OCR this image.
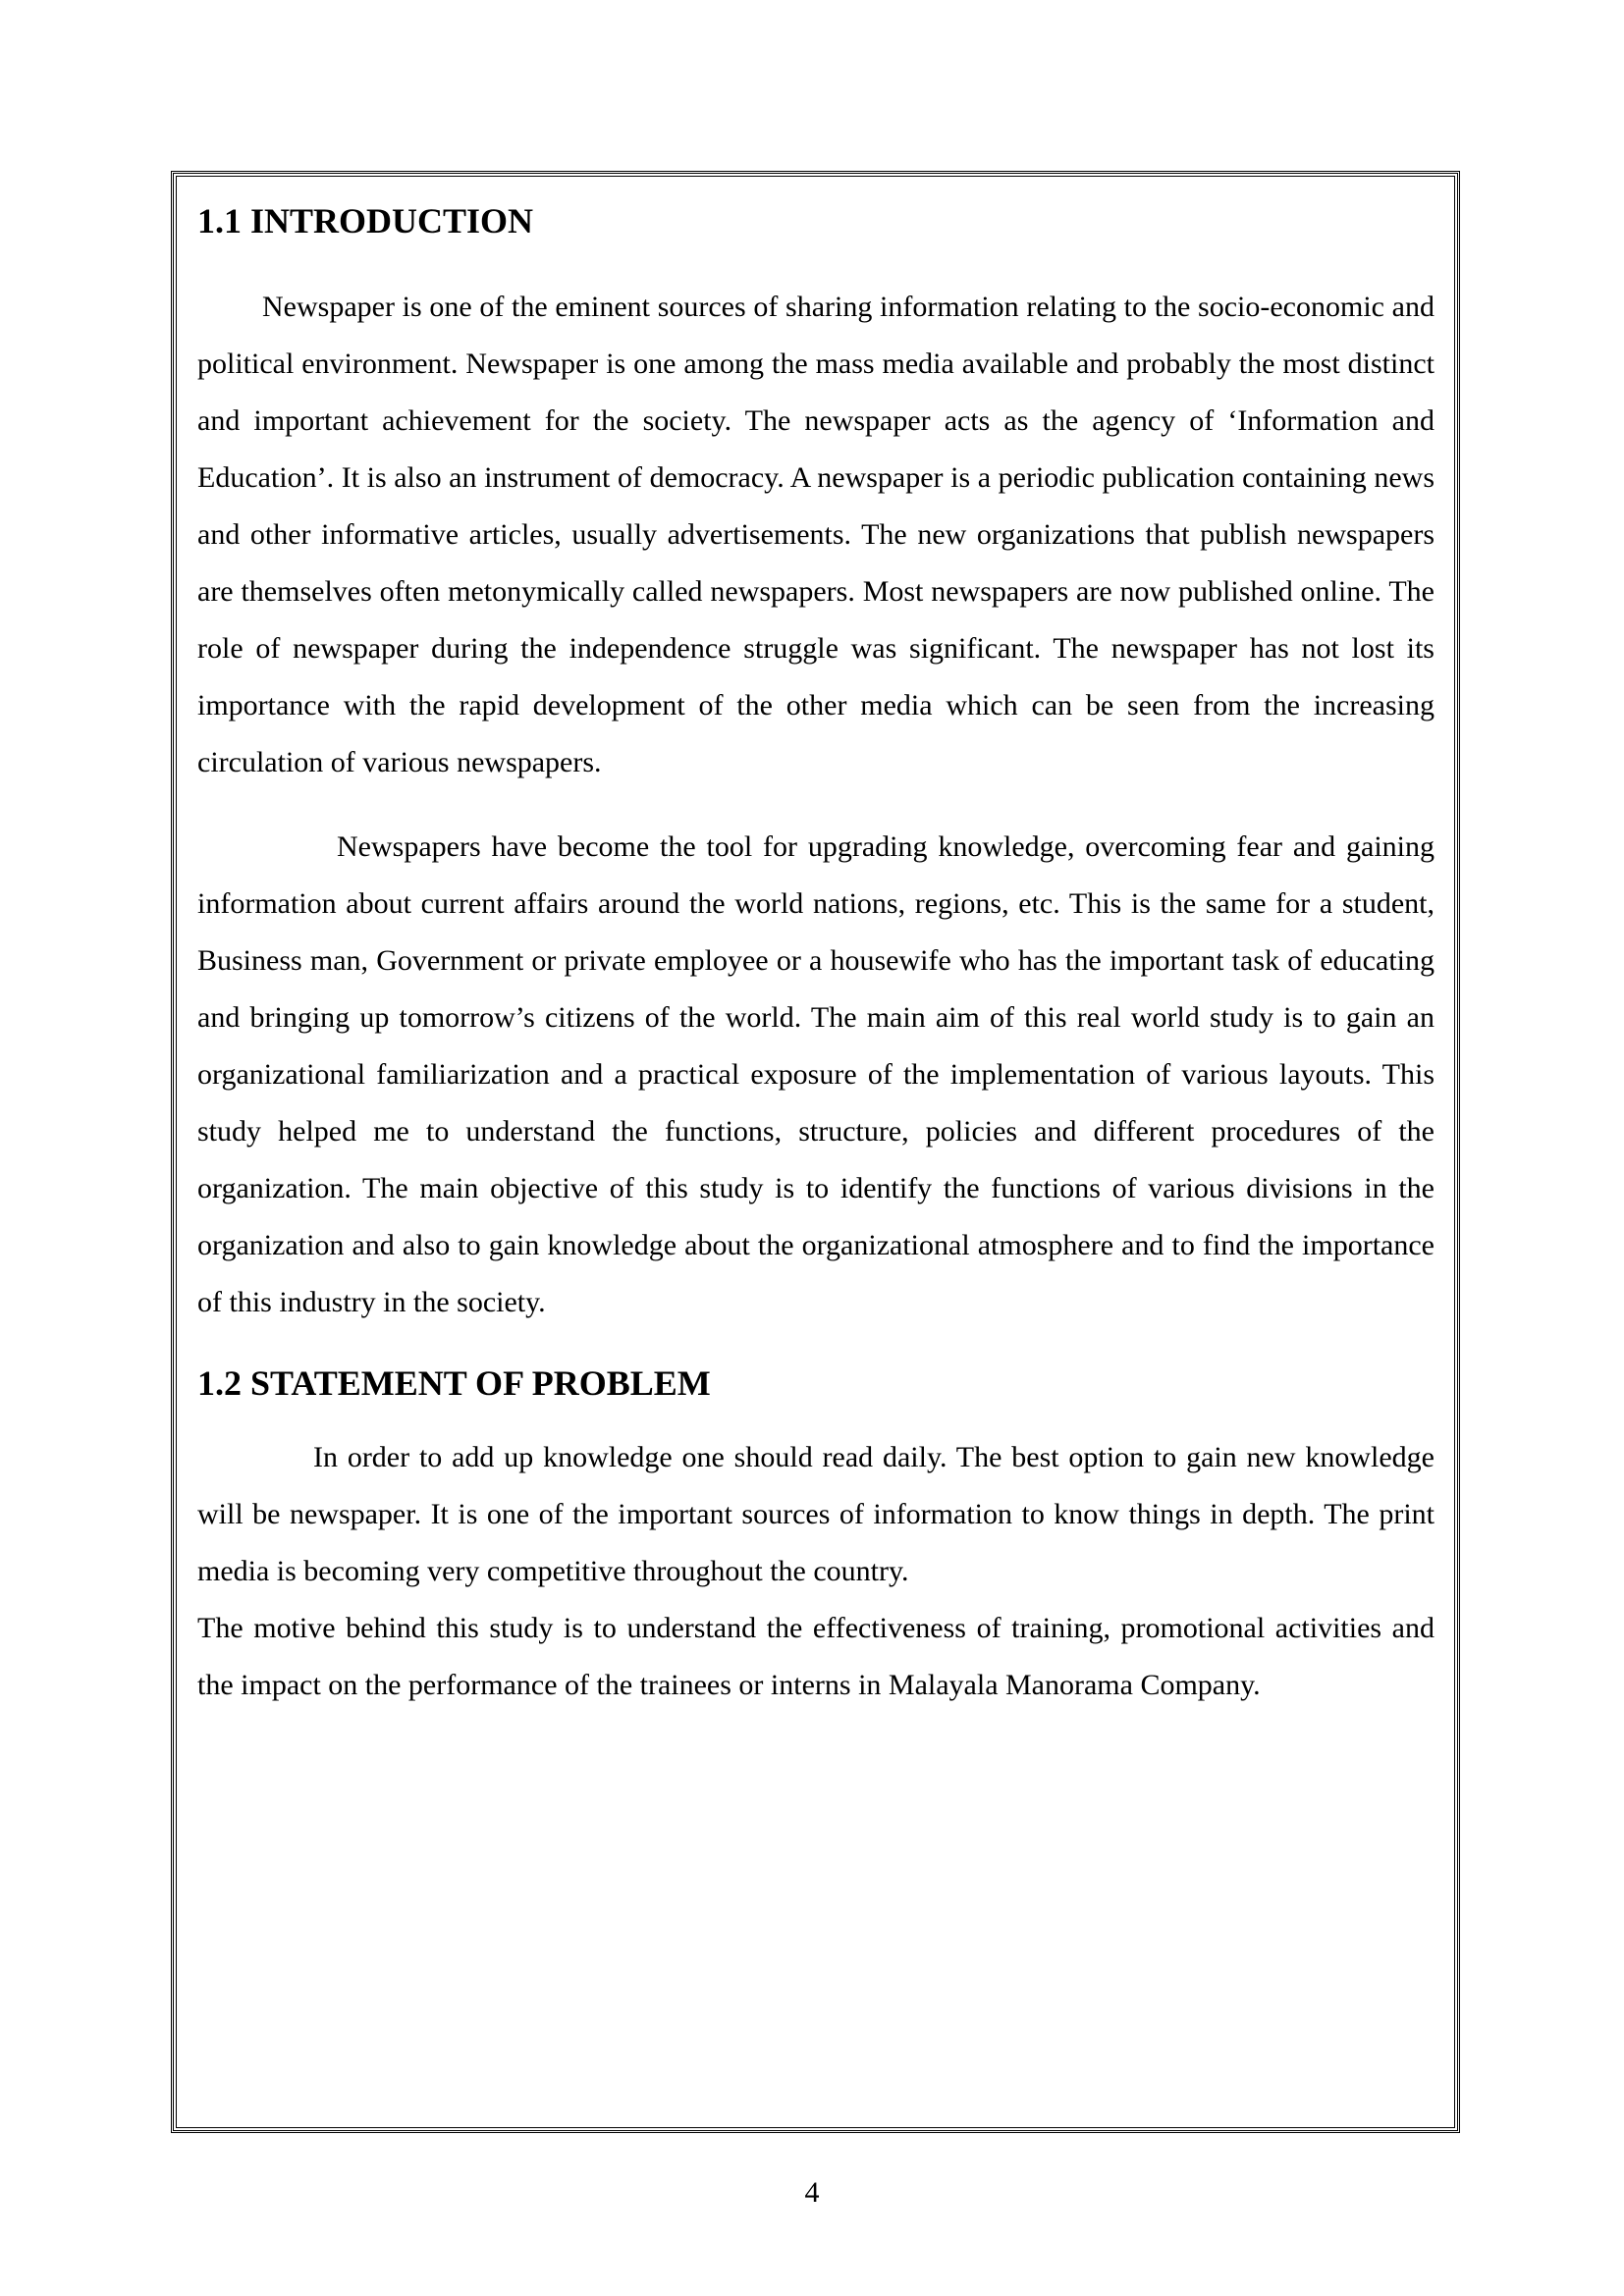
1.1 INTRODUCTION

Newspaper is one of the eminent sources of sharing information relating to the socio-economic and political environment. Newspaper is one among the mass media available and probably the most distinct and important achievement for the society. The newspaper acts as the agency of ‘Information and Education’. It is also an instrument of democracy. A newspaper is a periodic publication containing news and other informative articles, usually advertisements. The new organizations that publish newspapers are themselves often metonymically called newspapers. Most newspapers are now published online. The role of newspaper during the independence struggle was significant. The newspaper has not lost its importance with the rapid development of the other media which can be seen from the increasing circulation of various newspapers.

Newspapers have become the tool for upgrading knowledge, overcoming fear and gaining information about current affairs around the world nations, regions, etc. This is the same for a student, Business man, Government or private employee or a housewife who has the important task of educating and bringing up tomorrow’s citizens of the world. The main aim of this real world study is to gain an organizational familiarization and a practical exposure of the implementation of various layouts. This study helped me to understand the functions, structure, policies and different procedures of the organization. The main objective of this study is to identify the functions of various divisions in the organization and also to gain knowledge about the organizational atmosphere and to find the importance of this industry in the society.

1.2 STATEMENT OF PROBLEM

In order to add up knowledge one should read daily. The best option to gain new knowledge will be newspaper. It is one of the important sources of information to know things in depth. The print media is becoming very competitive throughout the country.

The motive behind this study is to understand the effectiveness of training, promotional activities and the impact on the performance of the trainees or interns in Malayala Manorama Company.

4
